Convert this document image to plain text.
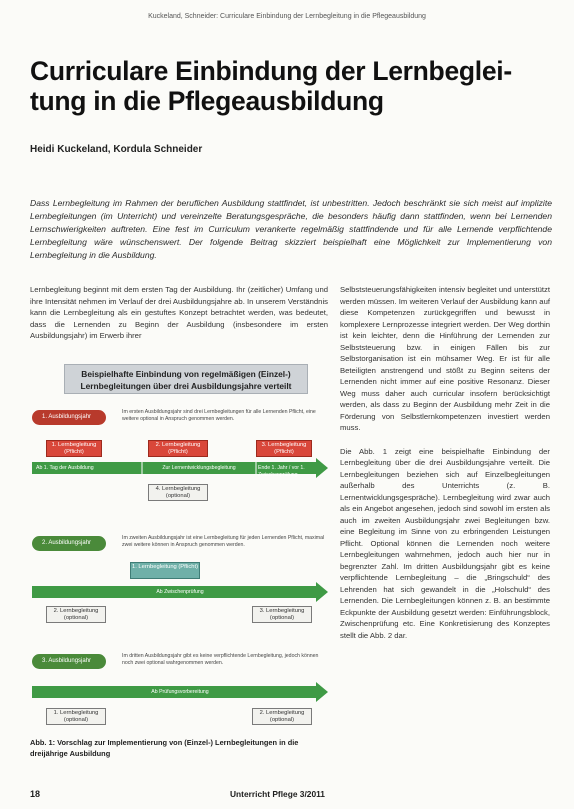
Kuckeland, Schneider: Curriculare Einbindung der Lernbegleitung in die Pflegeausbildung
Curriculare Einbindung der Lernbeglei-
tung in die Pflegeausbildung
Heidi Kuckeland, Kordula Schneider
Dass Lernbegleitung im Rahmen der beruflichen Ausbildung stattfindet, ist unbestritten. Jedoch beschränkt sie sich meist auf implizite Lernbegleitungen (im Unterricht) und vereinzelte Beratungsgespräche, die besonders häufig dann stattfinden, wenn bei Lernenden Lernschwierigkeiten auftreten. Eine fest im Curriculum verankerte regelmäßig stattfindende und für alle Lernende verpflichtende Lernbegleitung wäre wünschenswert. Der folgende Beitrag skizziert beispielhaft eine Möglichkeit zur Implementierung von Lernbegleitung in die Ausbildung.

Lernbegleitung beginnt mit dem ersten Tag der Ausbildung. Ihr (zeitlicher) Umfang und ihre Intensität nehmen im Verlauf der drei Ausbildungsjahre ab. In unserem Verständnis kann die Lernbegleitung als ein gestuftes Konzept betrachtet werden, was bedeutet, dass die Lernenden zu Beginn der Ausbildung (insbesondere im ersten Ausbildungsjahr) im Erwerb ihrer

Selbststeuerungsfähigkeiten intensiv begleitet und unterstützt werden müssen. Im weiteren Verlauf der Ausbildung kann auf diese Kompetenzen zurückgegriffen und bewusst in komplexere Lernprozesse integriert werden. Der Weg dorthin ist kein leichter, denn die Hinführung der Lernenden zur Selbststeuerung bzw. in einigen Fällen bis zur Selbstorganisation ist ein mühsamer Weg. Er ist für alle Beteiligten anstrengend und stößt zu Beginn seitens der Lernenden nicht immer auf eine positive Resonanz. Dieser Weg muss daher auch curricular insofern berücksichtigt werden, als dass zu Beginn der Ausbildung mehr Zeit in die Förderung von Selbstlernkompetenzen investiert werden muss.

Die Abb. 1 zeigt eine beispielhafte Einbindung der Lernbegleitung über die drei Ausbildungsjahre verteilt. Die Lernbegleitungen beziehen sich auf Einzelbegleitungen außerhalb des Unterrichts (z. B. Lernentwicklungsgespräche). Lernbegleitung wird zwar auch als ein Angebot angesehen, jedoch sind sowohl im ersten als auch im zweiten Ausbildungsjahr zwei Begleitungen bzw. eine Begleitung im Sinne von zu erbringenden Leistungen Pflicht. Optional können die Lernenden noch weitere Lernbegleitungen wahrnehmen, jedoch auch hier nur in begrenzter Zahl. Im dritten Ausbildungsjahr gibt es keine verpflichtende Lernbegleitung – die „Bringschuld“ des Lehrenden hat sich gewandelt in die „Holschuld“ des Lernenden. Die Lernbegleitungen können z. B. an bestimmte Eckpunkte der Ausbildung gesetzt werden: Einführungsblock, Zwischenprüfung etc. Eine Konkretisierung des Konzeptes stellt die Abb. 2 dar.

Beispielhafte Einbindung von regelmäßigen (Einzel-) Lernbegleitungen über drei Ausbildungsjahre verteilt
1. Ausbildungsjahr
Im ersten Ausbildungsjahr sind drei Lernbegleitungen für alle Lernenden Pflicht, eine weitere optional in Anspruch genommen werden.
1. Lernbegleitung (Pflicht)
2. Lernbegleitung (Pflicht)
3. Lernbegleitung (Pflicht)
Ab 1. Tag der Ausbildung	Zur Lernentwicklungsbegleitung	Ende 1. Jahr / vor 1. Zwischenprüfung
4. Lernbegleitung (optional)
2. Ausbildungsjahr
Im zweiten Ausbildungsjahr ist eine Lernbegleitung für jeden Lernenden Pflicht, maximal zwei weitere können in Anspruch genommen werden.
1. Lernbegleitung (Pflicht)
Ab Zwischenprüfung
2. Lernbegleitung (optional)
3. Lernbegleitung (optional)
3. Ausbildungsjahr
Im dritten Ausbildungsjahr gibt es keine verpflichtende Lernbegleitung, jedoch können noch zwei optional wahrgenommen werden.
Ab Prüfungsvorbereitung
1. Lernbegleitung (optional)
2. Lernbegleitung (optional)
Abb. 1: Vorschlag zur Implementierung von (Einzel-) Lernbegleitungen in die dreijährige Ausbildung
18	Unterricht Pflege 3/2011
